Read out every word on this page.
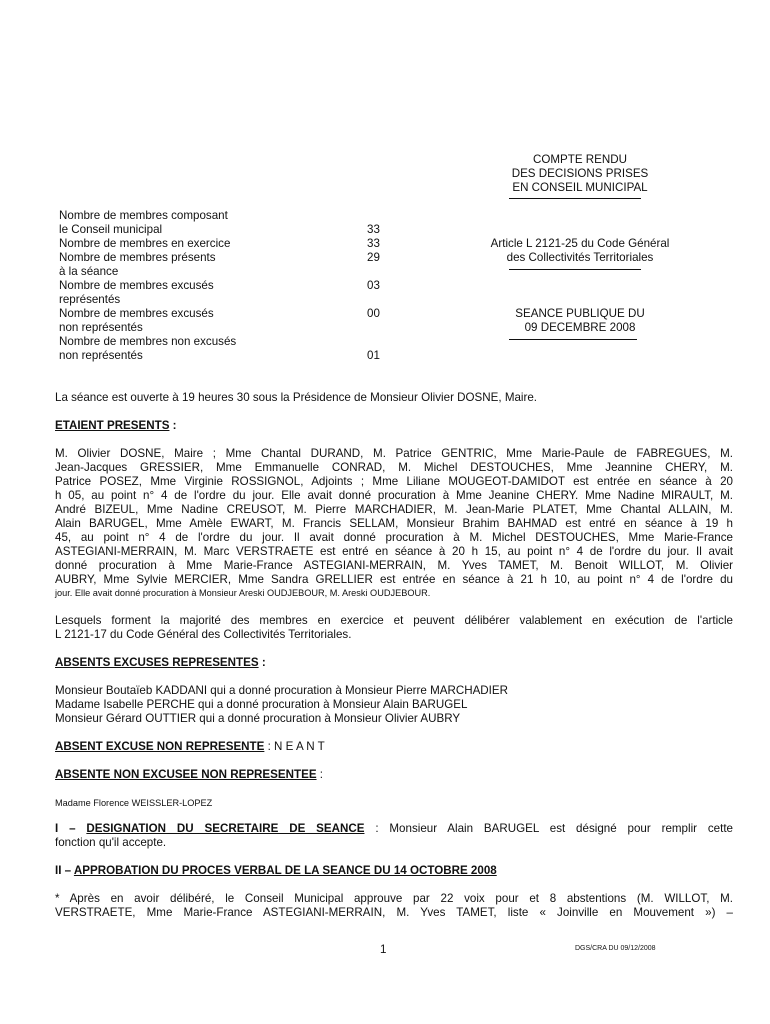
COMPTE RENDU
DES DECISIONS PRISES
EN CONSEIL MUNICIPAL
Article L 2121-25 du Code Général
des Collectivités Territoriales
SEANCE PUBLIQUE DU
09 DECEMBRE 2008
Nombre de membres composant
le Conseil municipal	33
Nombre de membres en exercice	33
Nombre de membres présents	29
à la séance
Nombre de membres excusés	03
représentés
Nombre de membres excusés	00
non représentés
Nombre de membres non excusés
non représentés	01
La séance est ouverte à 19 heures 30 sous la Présidence de Monsieur Olivier DOSNE, Maire.
ETAIENT PRESENTS :
M. Olivier DOSNE, Maire ; Mme Chantal DURAND, M. Patrice GENTRIC, Mme Marie-Paule de FABREGUES, M.
Jean-Jacques GRESSIER, Mme Emmanuelle CONRAD, M. Michel DESTOUCHES, Mme Jeannine CHERY, M.
Patrice POSEZ, Mme Virginie ROSSIGNOL, Adjoints ; Mme Liliane MOUGEOT-DAMIDOT est entrée en séance à 20
h 05, au point n° 4 de l'ordre du jour. Elle avait donné procuration à Mme Jeanine CHERY. Mme Nadine MIRAULT, M.
André BIZEUL, Mme Nadine CREUSOT, M. Pierre MARCHADIER, M. Jean-Marie PLATET, Mme Chantal ALLAIN, M.
Alain BARUGEL, Mme Amèle EWART, M. Francis SELLAM, Monsieur Brahim BAHMAD est entré en séance à 19 h
45, au point n° 4 de l'ordre du jour. Il avait donné procuration à M. Michel DESTOUCHES, Mme Marie-France
ASTEGIANI-MERRAIN, M. Marc VERSTRAETE est entré en séance à 20 h 15, au point n° 4 de l'ordre du jour. Il avait
donné procuration à Mme Marie-France ASTEGIANI-MERRAIN, M. Yves TAMET, M. Benoit WILLOT, M. Olivier
AUBRY, Mme Sylvie MERCIER, Mme Sandra GRELLIER est entrée en séance à 21 h 10, au point n° 4 de l'ordre du
jour. Elle avait donné procuration à Monsieur Areski OUDJEBOUR, M. Areski OUDJEBOUR.
Lesquels forment la majorité des membres en exercice et peuvent délibérer valablement en exécution de l'article
L 2121-17 du Code Général des Collectivités Territoriales.
ABSENTS EXCUSES REPRESENTES :
Monsieur Boutaïeb KADDANI qui a donné procuration à Monsieur Pierre MARCHADIER
Madame Isabelle PERCHE qui a donné procuration à Monsieur Alain BARUGEL
Monsieur Gérard OUTTIER qui a donné procuration à Monsieur Olivier AUBRY
ABSENT EXCUSE NON REPRESENTE : N E A N T
ABSENTE NON EXCUSEE NON REPRESENTEE :
Madame Florence WEISSLER-LOPEZ
I – DESIGNATION DU SECRETAIRE DE SEANCE : Monsieur Alain BARUGEL est désigné pour remplir cette
fonction qu'il accepte.
II – APPROBATION DU PROCES VERBAL DE LA SEANCE DU 14 OCTOBRE 2008
* Après en avoir délibéré, le Conseil Municipal approuve par 22 voix pour et 8 abstentions (M. WILLOT, M.
VERSTRAETE, Mme Marie-France ASTEGIANI-MERRAIN, M. Yves TAMET, liste « Joinville en Mouvement ») –
1	DGS/CRA DU 09/12/2008
